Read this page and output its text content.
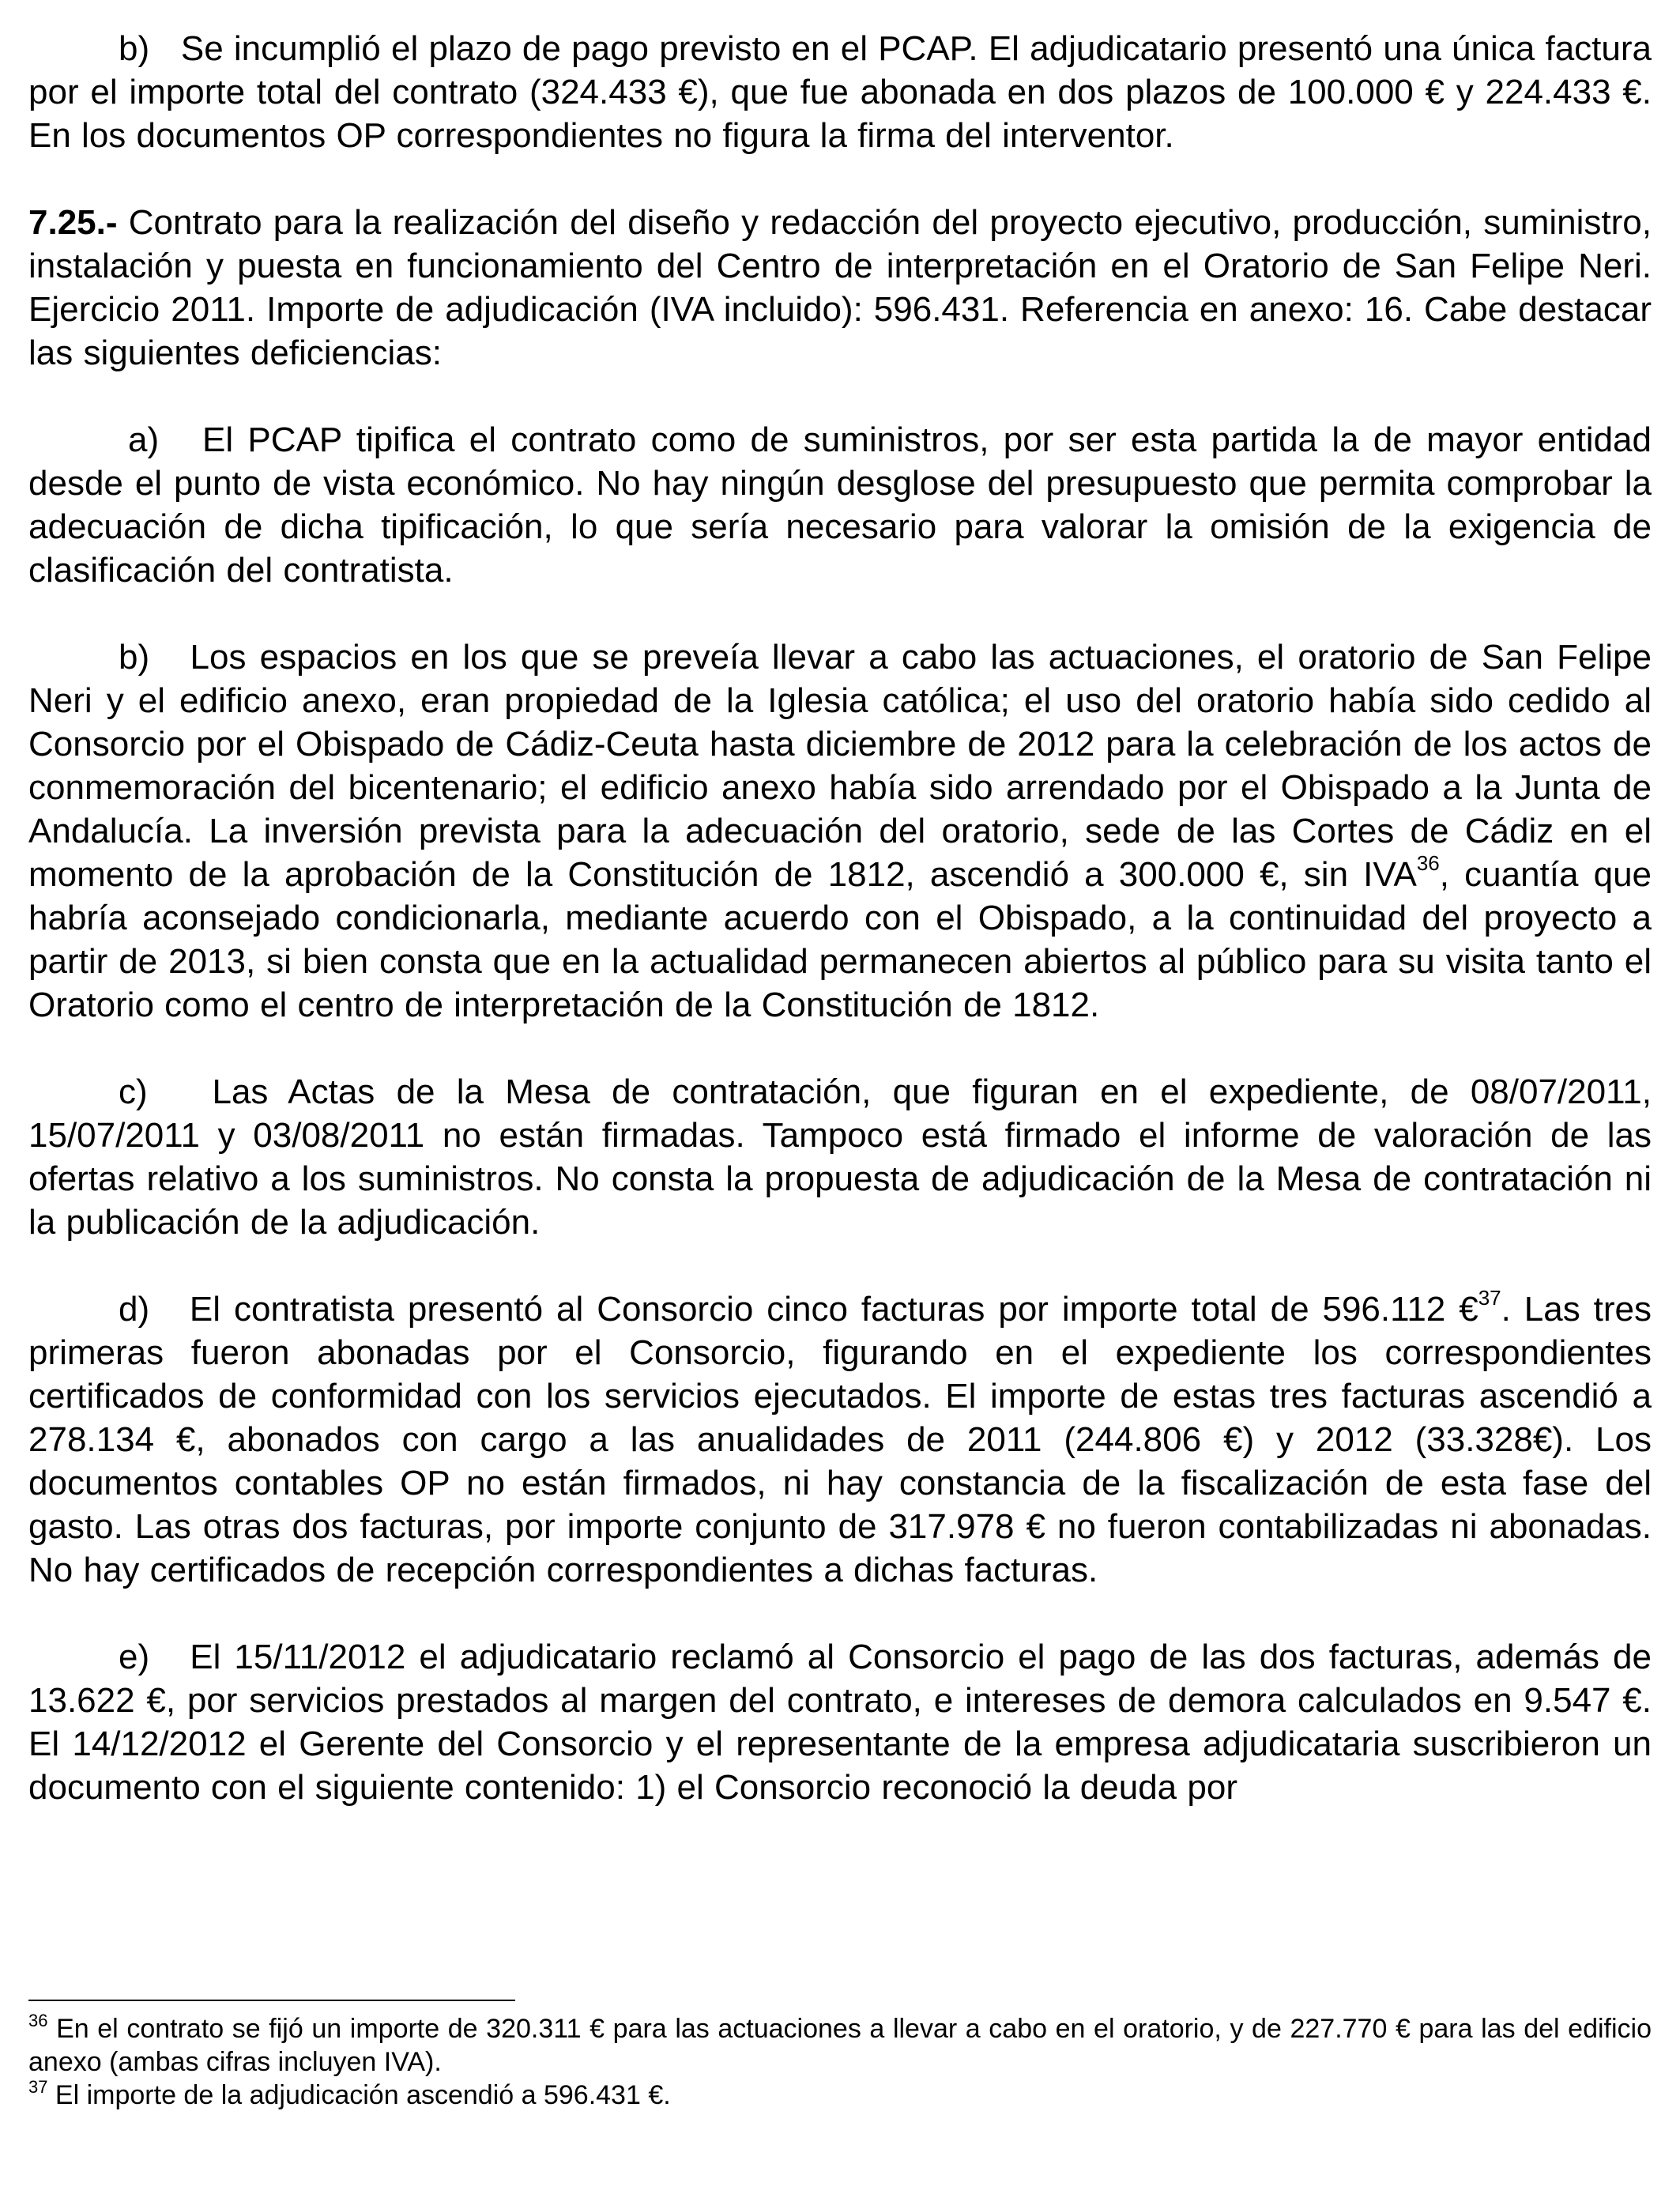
b)   Se incumplió el plazo de pago previsto en el PCAP. El adjudicatario presentó una única factura por el importe total del contrato (324.433 €), que fue abonada en dos plazos de 100.000 € y 224.433 €. En los documentos OP correspondientes no figura la firma del interventor.

7.25.- Contrato para la realización del diseño y redacción del proyecto ejecutivo, producción, suministro, instalación y puesta en funcionamiento del Centro de interpretación en el Oratorio de San Felipe Neri. Ejercicio 2011. Importe de adjudicación (IVA incluido): 596.431. Referencia en anexo: 16. Cabe destacar las siguientes deficiencias:

a)   El PCAP tipifica el contrato como de suministros, por ser esta partida la de mayor entidad desde el punto de vista económico. No hay ningún desglose del presupuesto que permita comprobar la adecuación de dicha tipificación, lo que sería necesario para valorar la omisión de la exigencia de clasificación del contratista.

b)   Los espacios en los que se preveía llevar a cabo las actuaciones, el oratorio de San Felipe Neri y el edificio anexo, eran propiedad de la Iglesia católica; el uso del oratorio había sido cedido al Consorcio por el Obispado de Cádiz-Ceuta hasta diciembre de 2012 para la celebración de los actos de conmemoración del bicentenario; el edificio anexo había sido arrendado por el Obispado a la Junta de Andalucía. La inversión prevista para la adecuación del oratorio, sede de las Cortes de Cádiz en el momento de la aprobación de la Constitución de 1812, ascendió a 300.000 €, sin IVA$^{36}$, cuantía que habría aconsejado condicionarla, mediante acuerdo con el Obispado, a la continuidad del proyecto a partir de 2013, si bien consta que en la actualidad permanecen abiertos al público para su visita tanto el Oratorio como el centro de interpretación de la Constitución de 1812.

c)   Las Actas de la Mesa de contratación, que figuran en el expediente, de 08/07/2011, 15/07/2011 y 03/08/2011 no están firmadas. Tampoco está firmado el informe de valoración de las ofertas relativo a los suministros. No consta la propuesta de adjudicación de la Mesa de contratación ni la publicación de la adjudicación.

d)   El contratista presentó al Consorcio cinco facturas por importe total de 596.112 €$^{37}$. Las tres primeras fueron abonadas por el Consorcio, figurando en el expediente los correspondientes certificados de conformidad con los servicios ejecutados. El importe de estas tres facturas ascendió a 278.134 €, abonados con cargo a las anualidades de 2011 (244.806 €) y 2012 (33.328€). Los documentos contables OP no están firmados, ni hay constancia de la fiscalización de esta fase del gasto. Las otras dos facturas, por importe conjunto de 317.978 € no fueron contabilizadas ni abonadas. No hay certificados de recepción correspondientes a dichas facturas.

e)   El 15/11/2012 el adjudicatario reclamó al Consorcio el pago de las dos facturas, además de 13.622 €, por servicios prestados al margen del contrato, e intereses de demora calculados en 9.547 €. El 14/12/2012 el Gerente del Consorcio y el representante de la empresa adjudicataria suscribieron un documento con el siguiente contenido: 1) el Consorcio reconoció la deuda por

$^{36}$ En el contrato se fijó un importe de 320.311 € para las actuaciones a llevar a cabo en el oratorio, y de 227.770 € para las del edificio anexo (ambas cifras incluyen IVA).

$^{37}$ El importe de la adjudicación ascendió a 596.431 €.
